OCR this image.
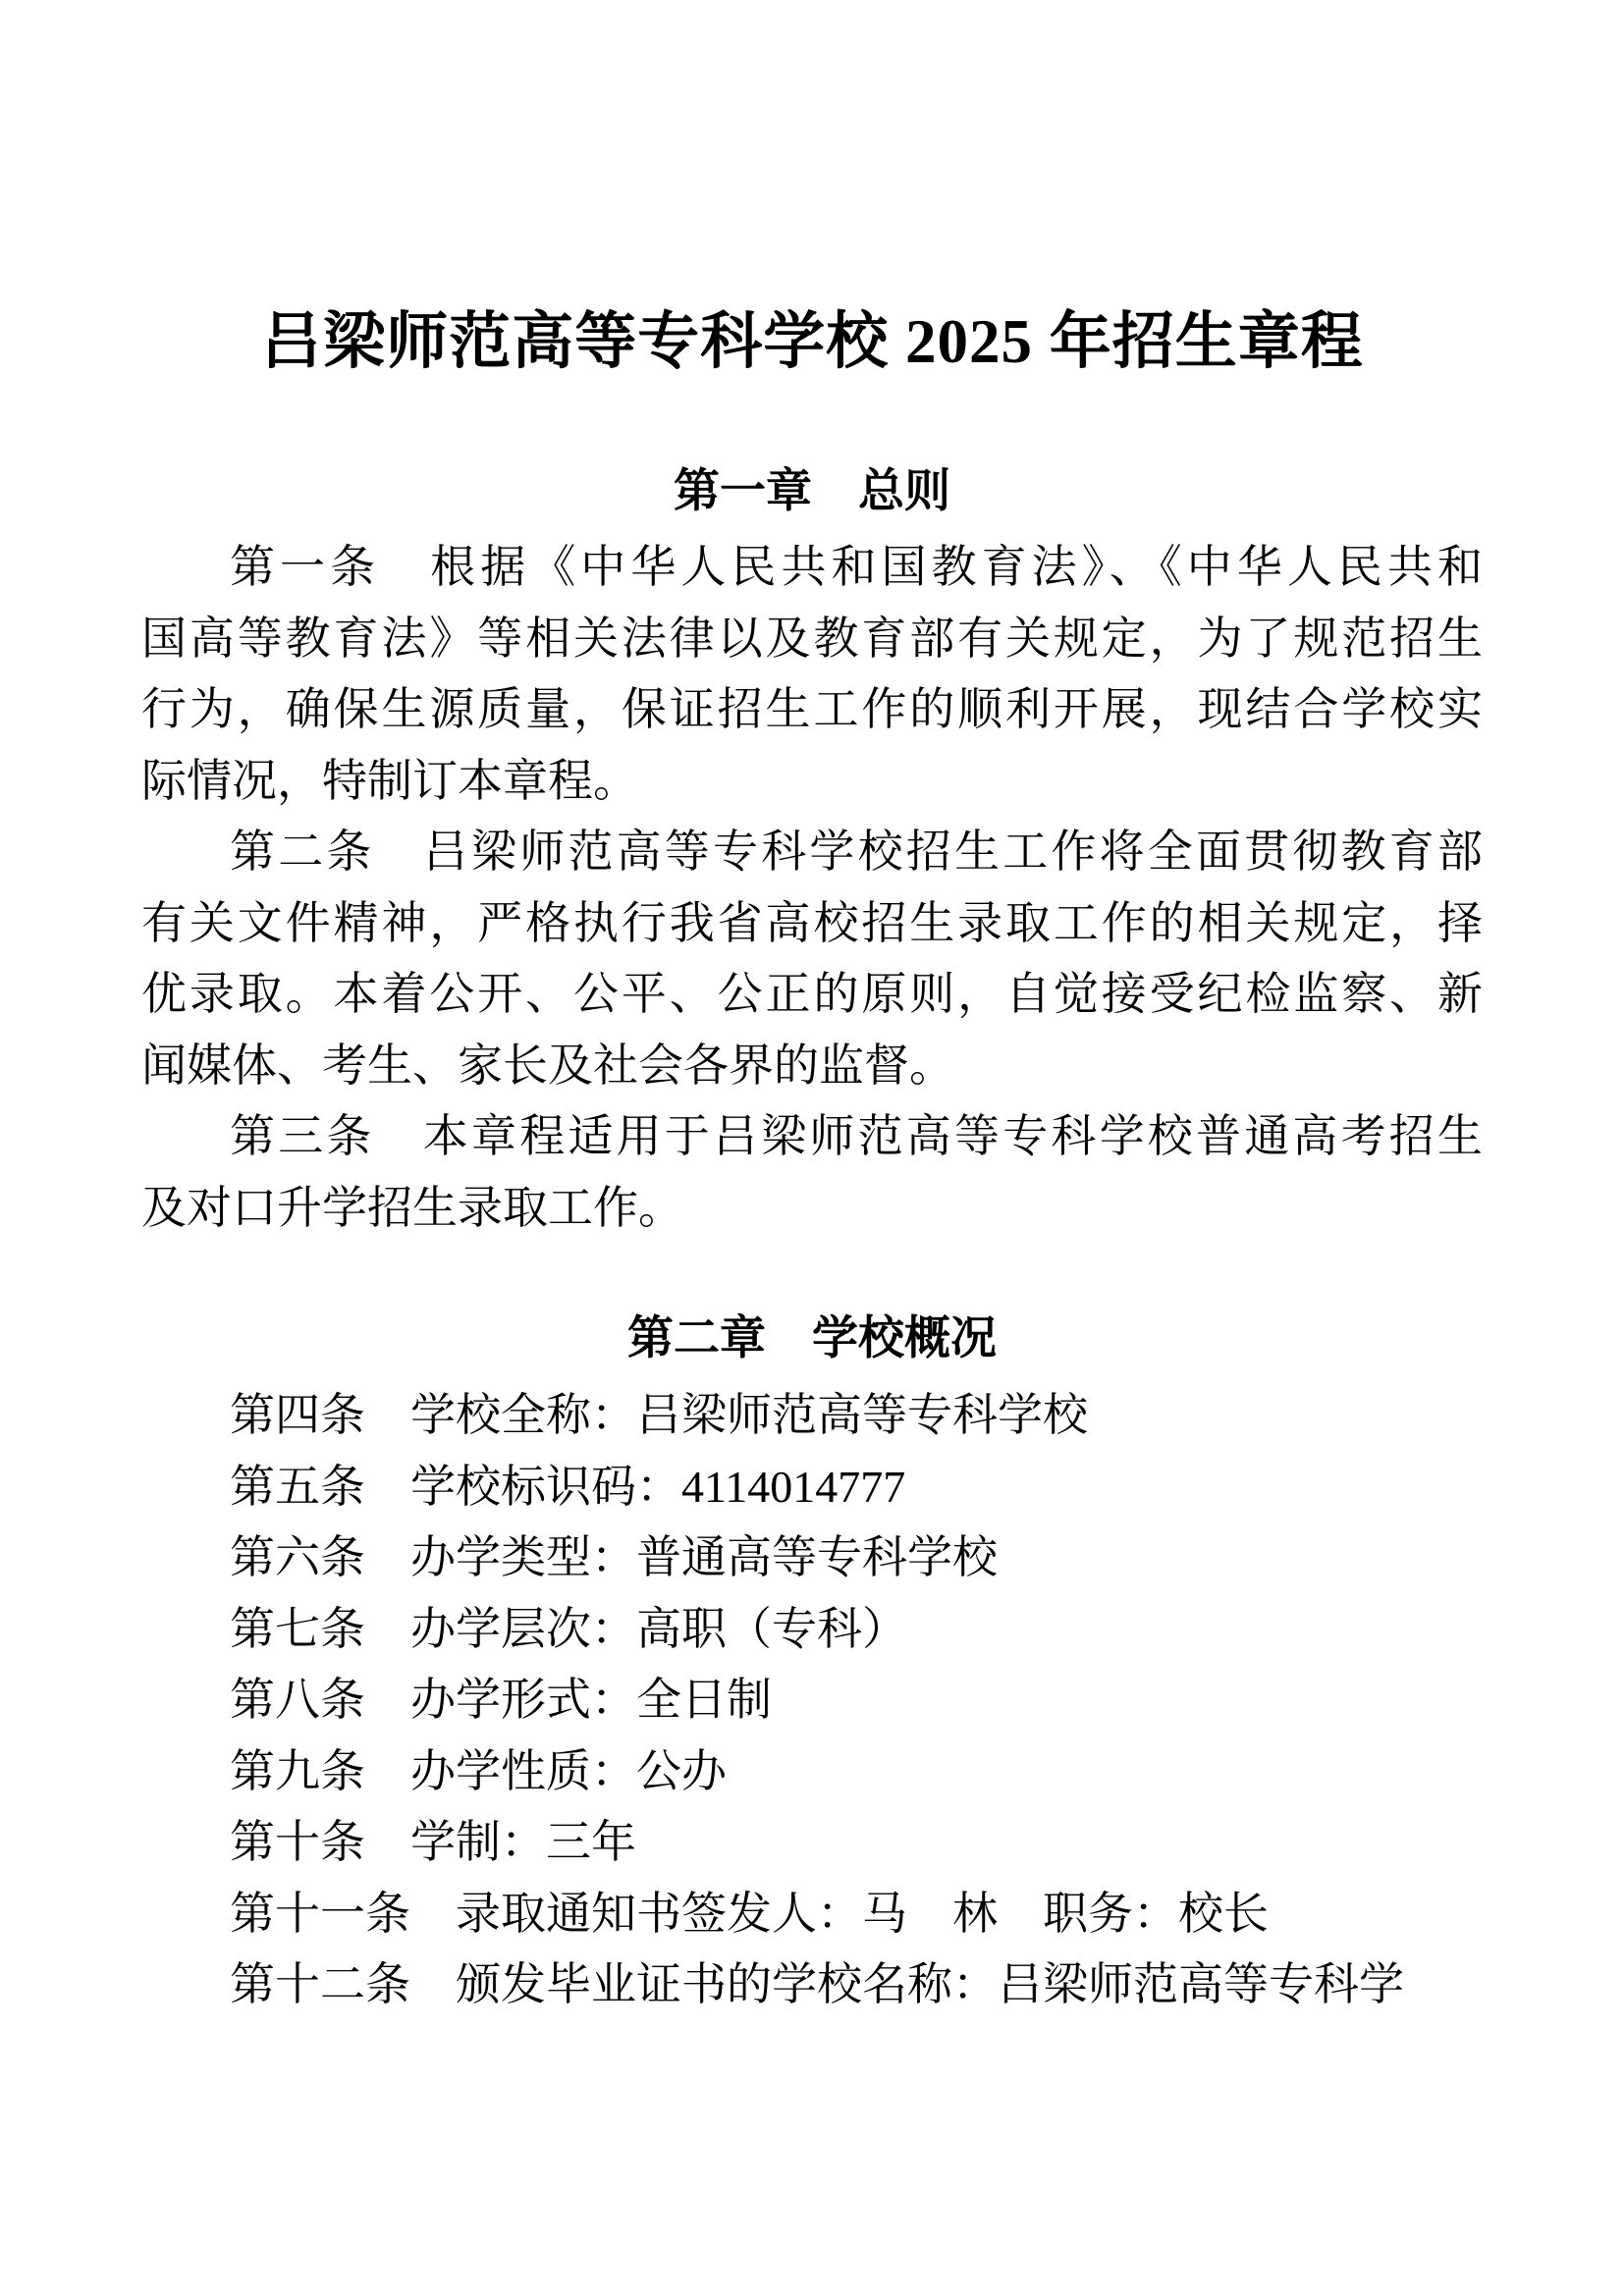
吕梁师范高等专科学校 2025 年招生章程
第一章　总则
第一条　根据《中华人民共和国教育法》、《中华人民共和
国高等教育法》等相关法律以及教育部有关规定，为了规范招生
行为，确保生源质量，保证招生工作的顺利开展，现结合学校实
际情况，特制订本章程。
第二条　吕梁师范高等专科学校招生工作将全面贯彻教育部
有关文件精神，严格执行我省高校招生录取工作的相关规定，择
优录取。本着公开、公平、公正的原则，自觉接受纪检监察、新
闻媒体、考生、家长及社会各界的监督。
第三条　本章程适用于吕梁师范高等专科学校普通高考招生
及对口升学招生录取工作。
第二章　学校概况
第四条　学校全称：吕梁师范高等专科学校
第五条　学校标识码：4114014777
第六条　办学类型：普通高等专科学校
第七条　办学层次：高职（专科）
第八条　办学形式：全日制
第九条　办学性质：公办
第十条　学制：三年
第十一条　录取通知书签发人：马　林　职务：校长
第十二条　颁发毕业证书的学校名称：吕梁师范高等专科学
